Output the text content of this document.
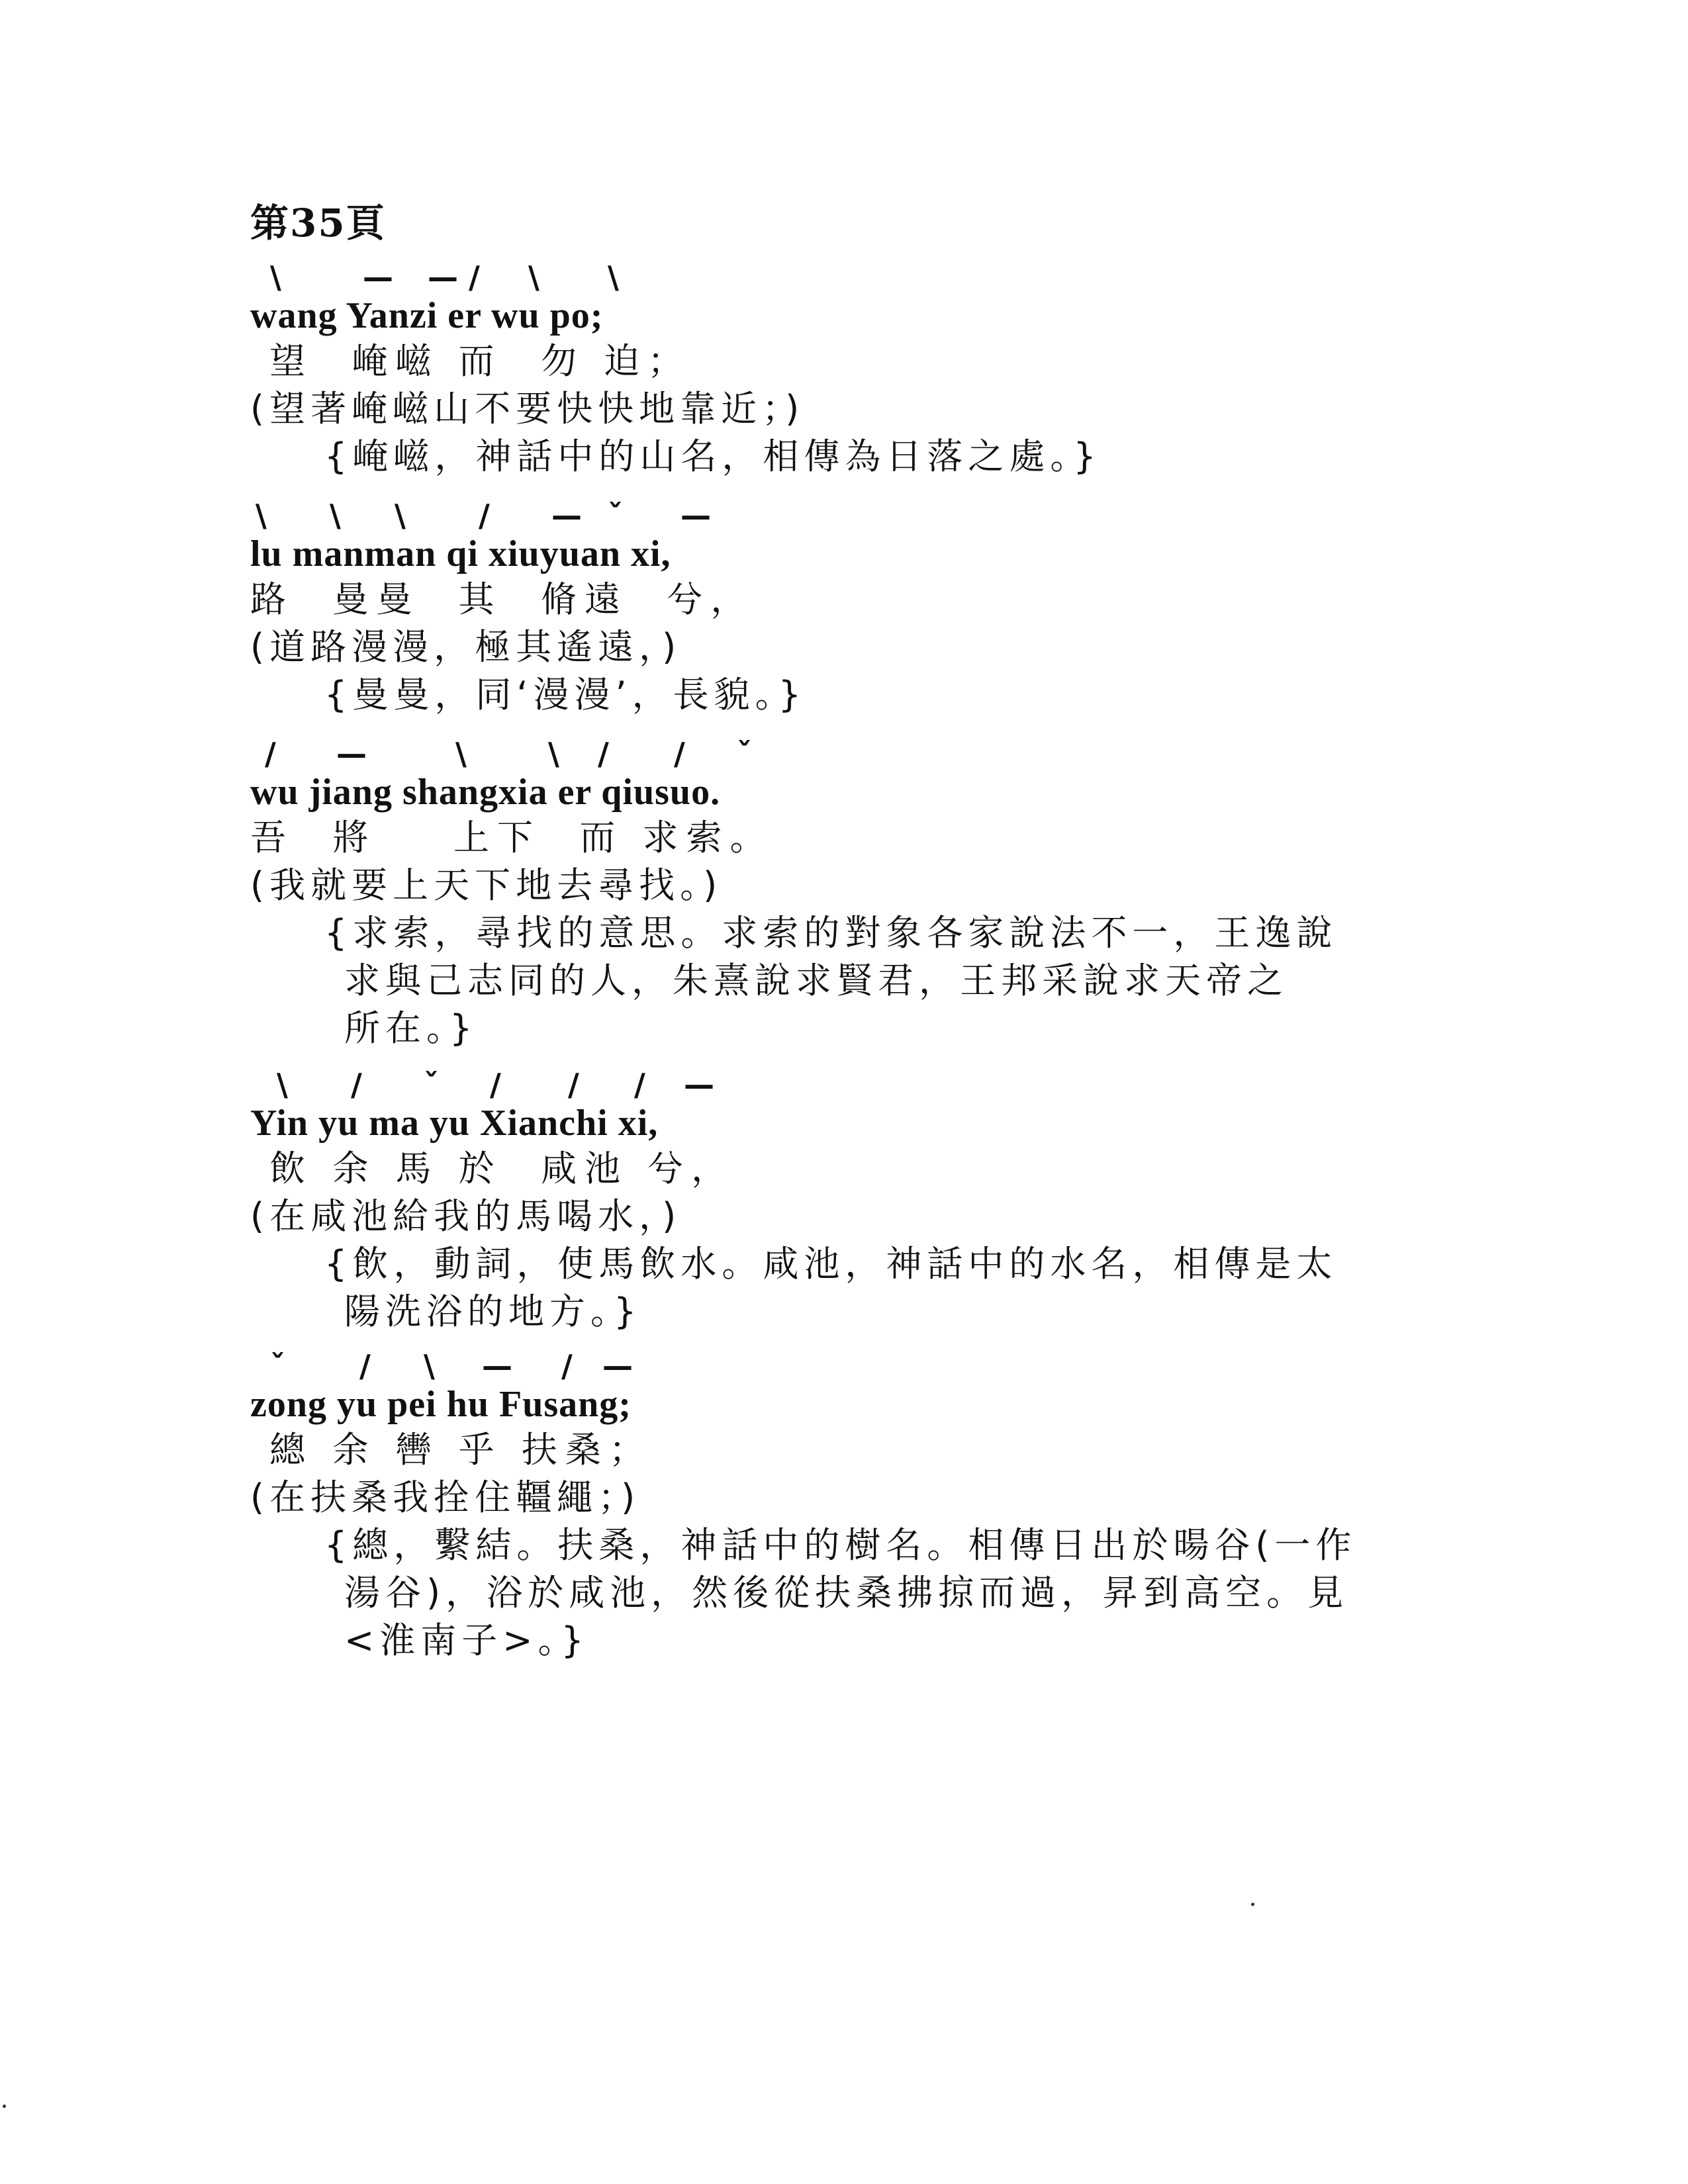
第35頁
\	— — / \ \
wang Yanzi er wu po;
望  崦嵫 而  勿 迫；
(望著崦嵫山不要快快地靠近；)
{崦嵫，神話中的山名，相傳為日落之處。}
\ \ \ / — ˇ —
lu manman qi xiuyuan xi,
路  曼曼  其  脩遠  兮，
(道路漫漫，極其遙遠，)
{曼曼，同‘漫漫’，長貌。}
/ —	\	\ / / ˇ
wu jiang shangxia er qiusuo.
吾  將    上下  而 求索。
(我就要上天下地去尋找。)
{求索，尋找的意思。求索的對象各家說法不一，王逸說
求與己志同的人，朱熹說求賢君，王邦采說求天帝之
所在。}
\ / ˇ / / / —
Yin yu ma yu Xianchi xi,
飲 余 馬 於  咸池 兮，
(在咸池給我的馬喝水，)
{飲，動詞，使馬飲水。咸池，神話中的水名，相傳是太
陽洗浴的地方。}
ˇ / \ — / —
zong yu pei hu Fusang;
總 余 轡 乎 扶桑；
(在扶桑我拴住韁繩；)
{總，繫結。扶桑，神話中的樹名。相傳日出於暘谷(一作
湯谷)，浴於咸池，然後從扶桑拂掠而過，昇到高空。見
<淮南子>。}
